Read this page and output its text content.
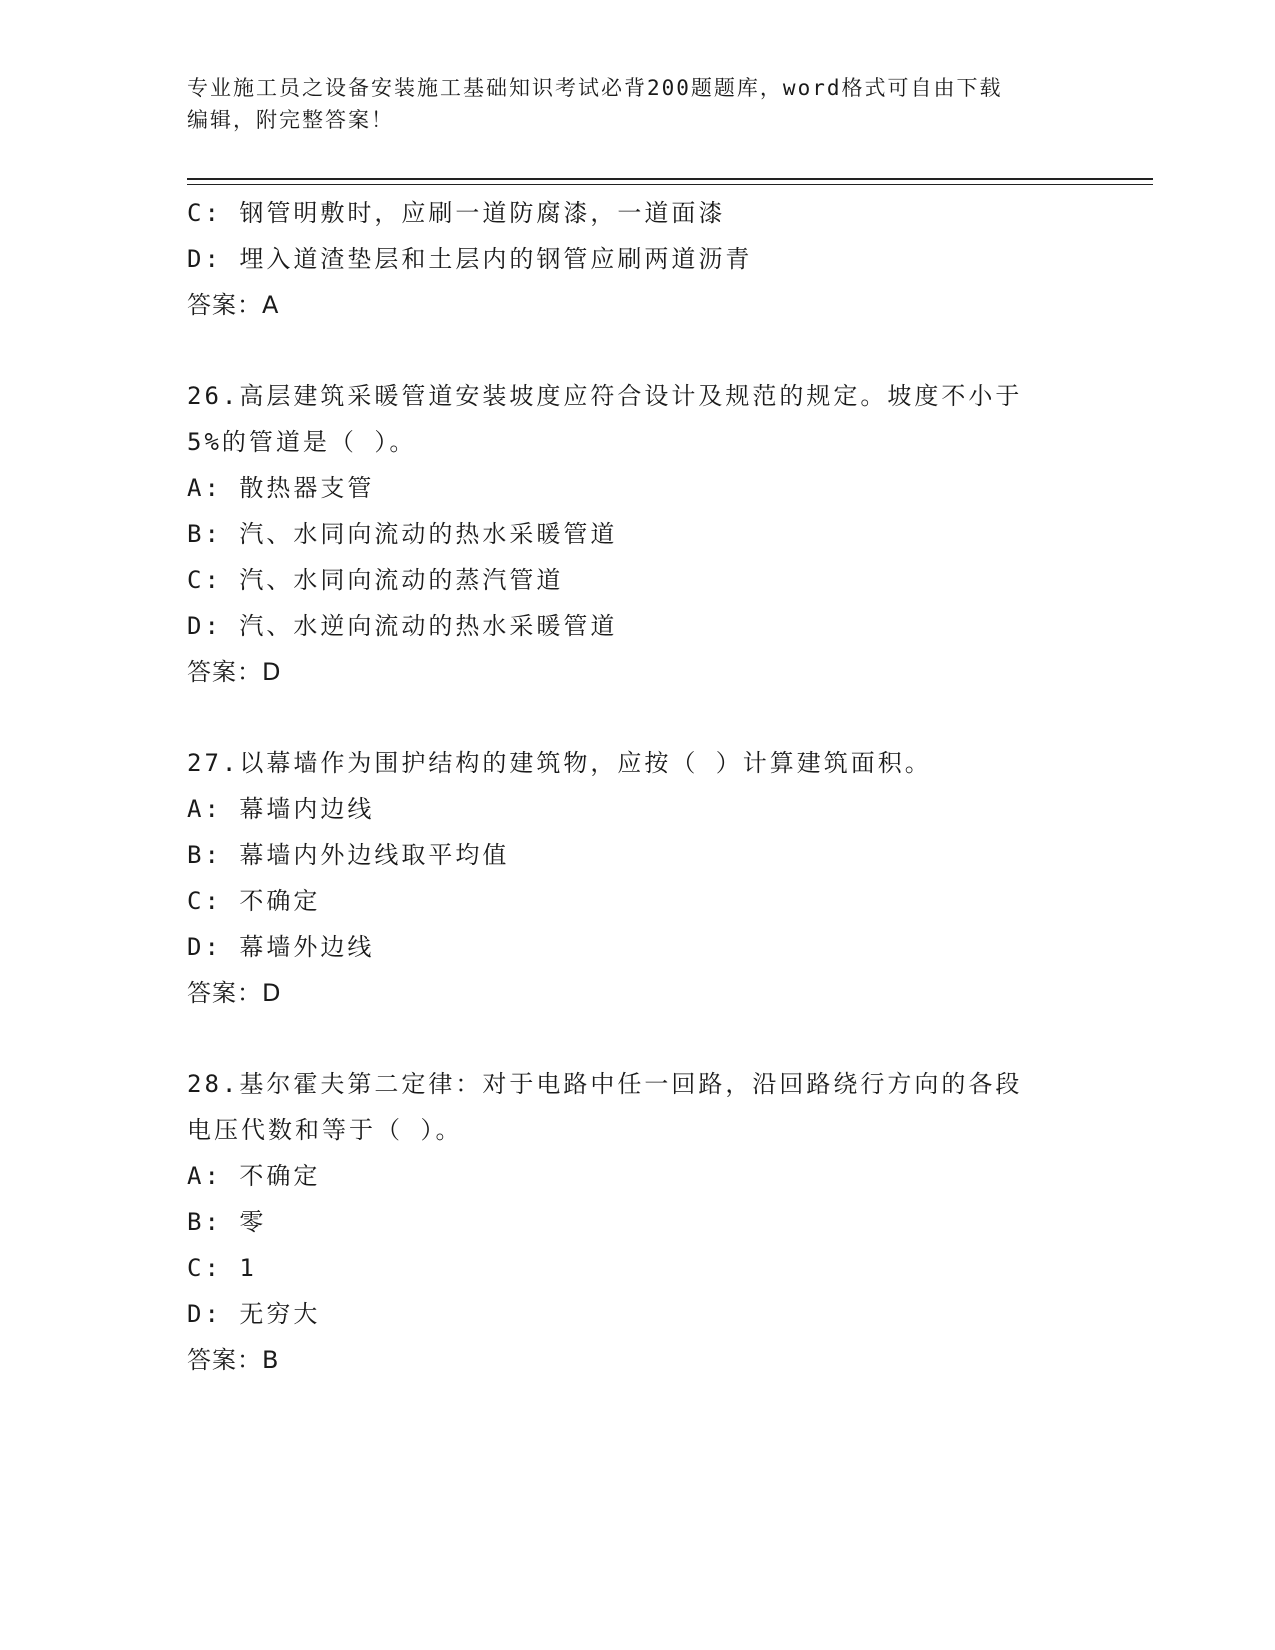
专业施工员之设备安装施工基础知识考试必背200题题库，word格式可自由下载
编辑，附完整答案！
C: 钢管明敷时，应刷一道防腐漆，一道面漆
D: 埋入道渣垫层和土层内的钢管应刷两道沥青
答案：A
26.高层建筑采暖管道安装坡度应符合设计及规范的规定。坡度不小于
5%的管道是（ ）。
A: 散热器支管
B: 汽、水同向流动的热水采暖管道
C: 汽、水同向流动的蒸汽管道
D: 汽、水逆向流动的热水采暖管道
答案：D
27.以幕墙作为围护结构的建筑物，应按（ ）计算建筑面积。
A: 幕墙内边线
B: 幕墙内外边线取平均值
C: 不确定
D: 幕墙外边线
答案：D
28.基尔霍夫第二定律：对于电路中任一回路，沿回路绕行方向的各段
电压代数和等于（ ）。
A: 不确定
B: 零
C: 1
D: 无穷大
答案：B
